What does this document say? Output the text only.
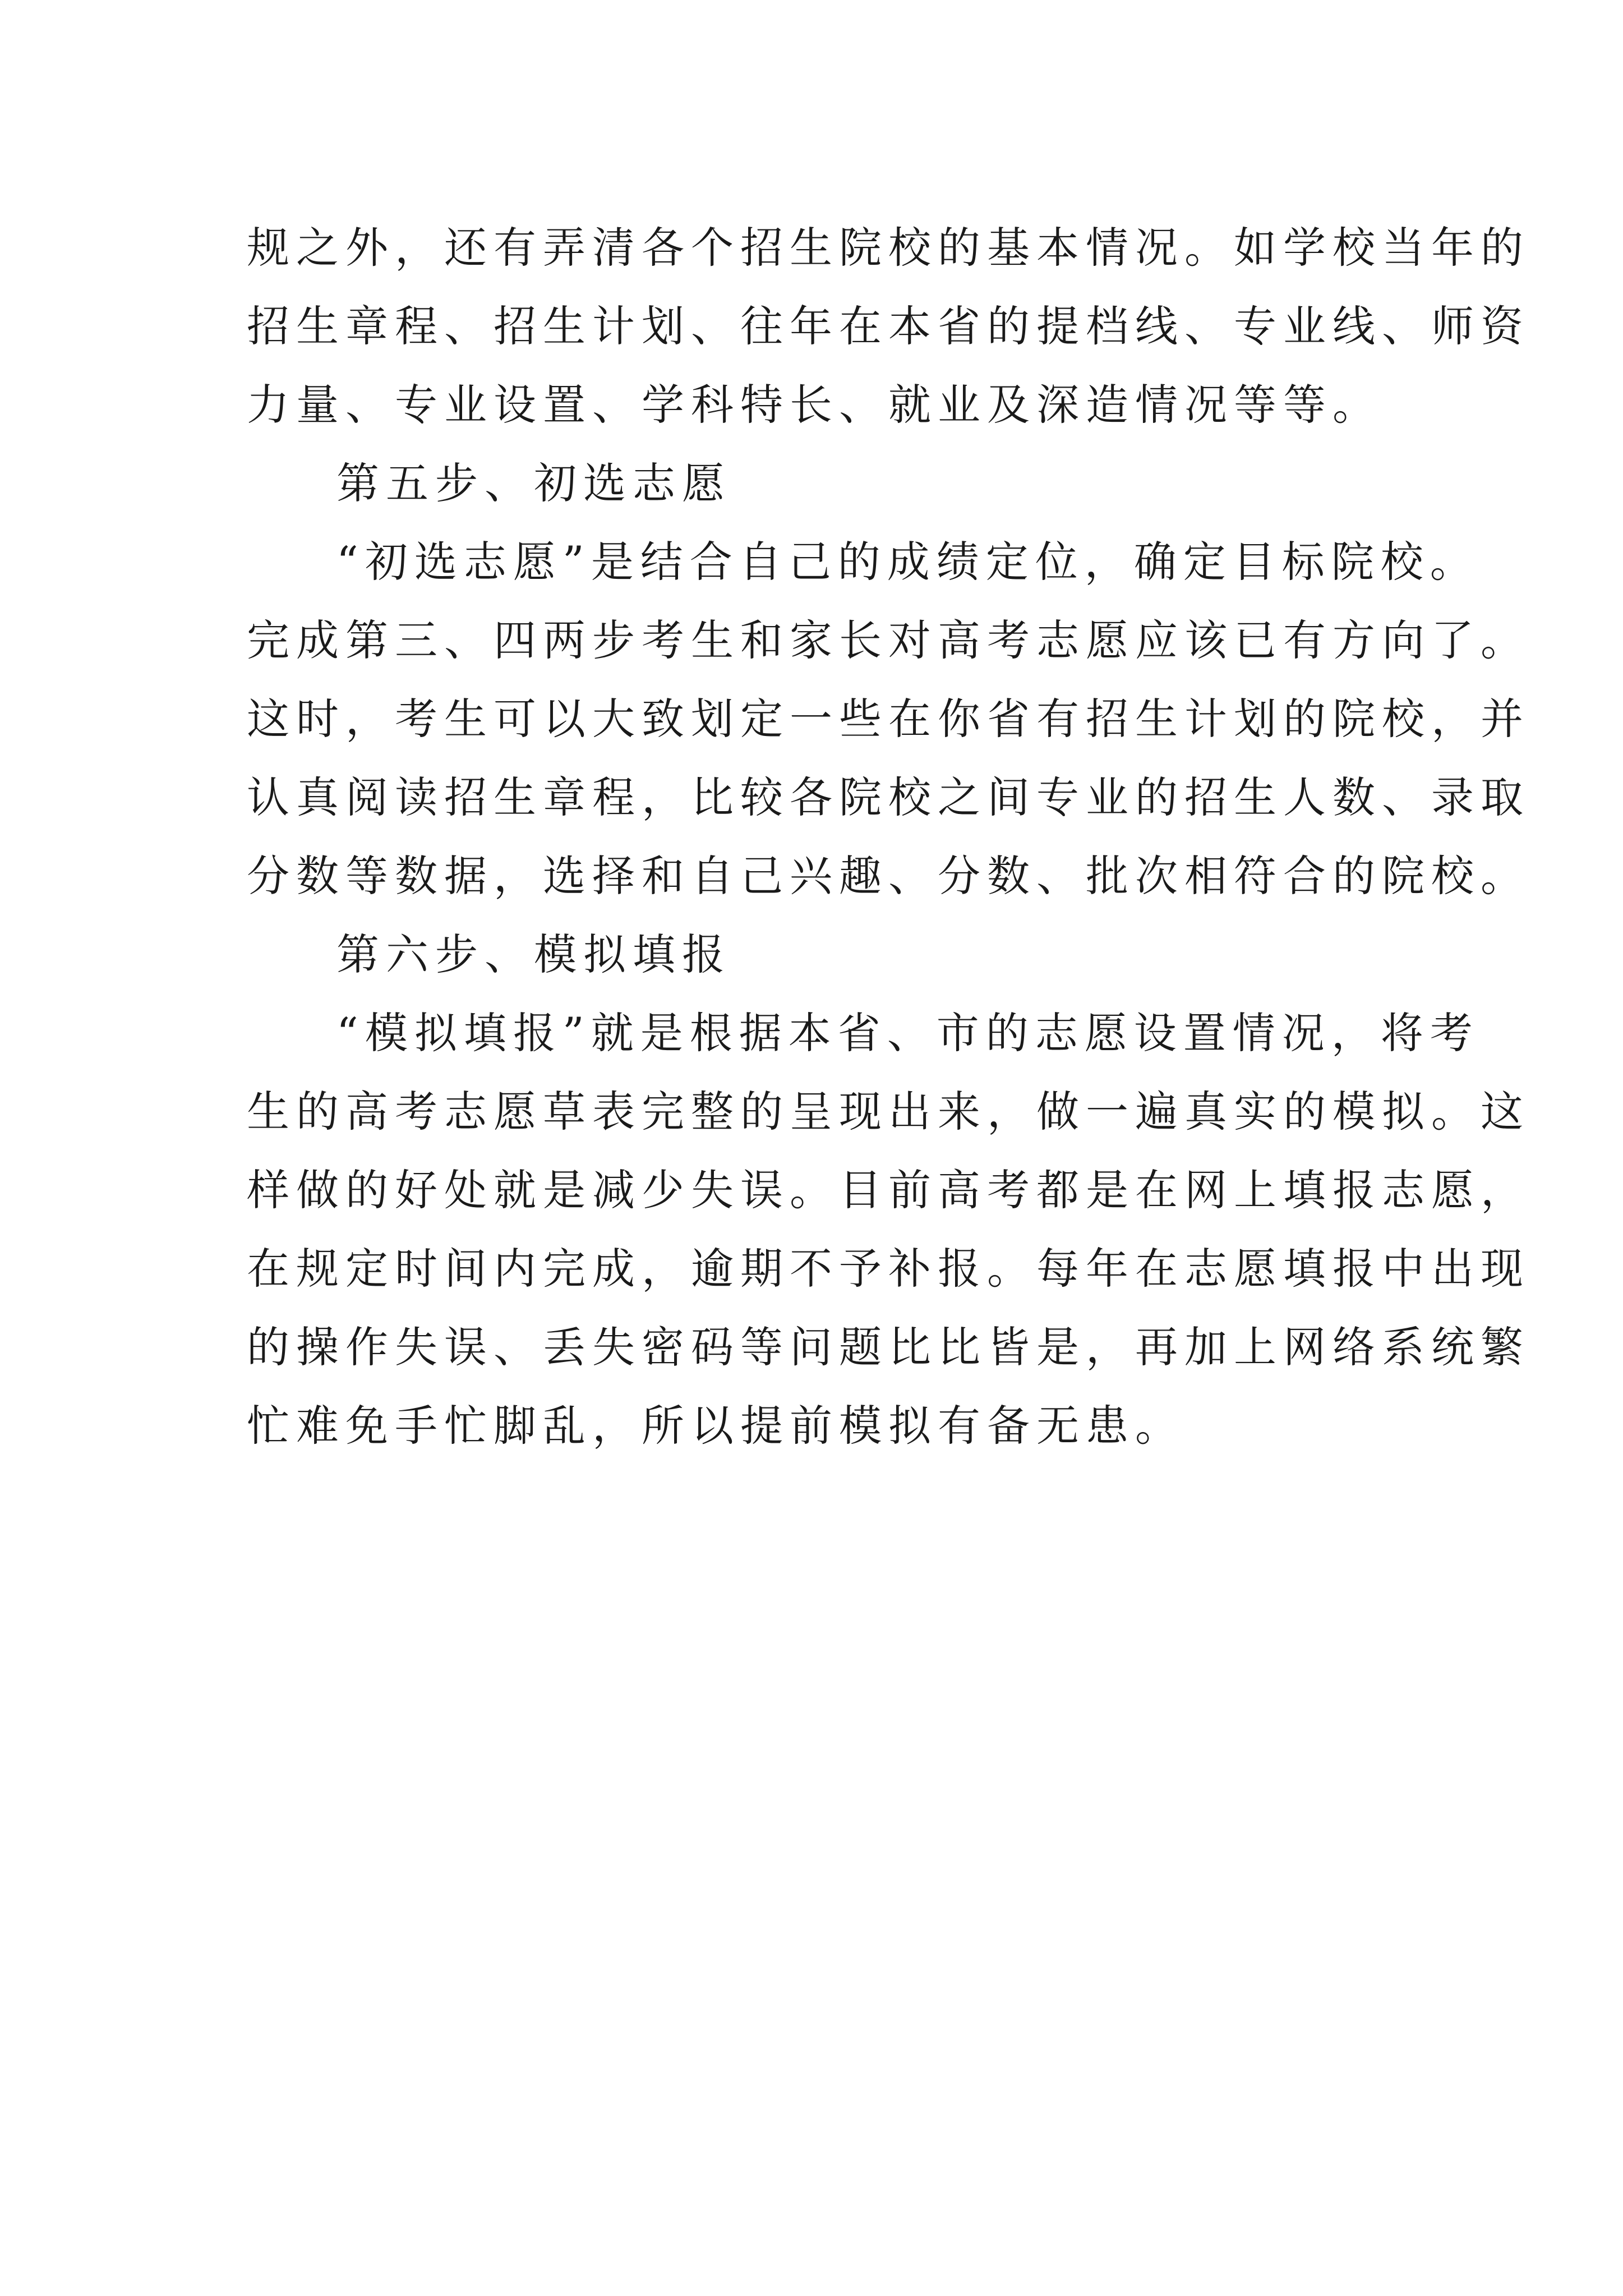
规之外，还有弄清各个招生院校的基本情况。如学校当年的
招生章程、招生计划、往年在本省的提档线、专业线、师资
力量、专业设置、学科特长、就业及深造情况等等。
第五步、初选志愿
“初选志愿”是结合自己的成绩定位，确定目标院校。
完成第三、四两步考生和家长对高考志愿应该已有方向了。
这时，考生可以大致划定一些在你省有招生计划的院校，并
认真阅读招生章程，比较各院校之间专业的招生人数、录取
分数等数据，选择和自己兴趣、分数、批次相符合的院校。
第六步、模拟填报
“模拟填报”就是根据本省、市的志愿设置情况，将考
生的高考志愿草表完整的呈现出来，做一遍真实的模拟。这
样做的好处就是减少失误。目前高考都是在网上填报志愿，
在规定时间内完成，逾期不予补报。每年在志愿填报中出现
的操作失误、丢失密码等问题比比皆是，再加上网络系统繁
忙难免手忙脚乱，所以提前模拟有备无患。
